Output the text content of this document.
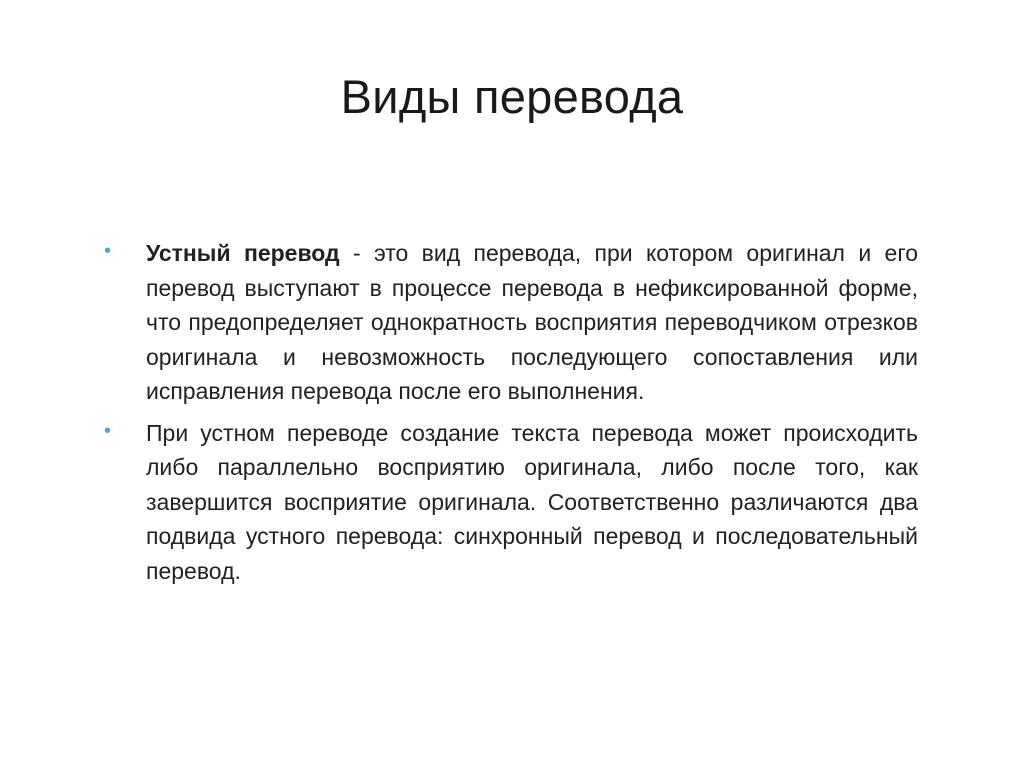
Виды перевода
• Устный перевод - это вид перевода, при котором оригинал и его перевод выступают в процессе перевода в нефиксированной форме, что предопределяет однократность восприятия переводчиком отрезков оригинала и невозможность последующего сопоставления или исправления перевода после его выполнения.
• При устном переводе создание текста перевода может происходить либо параллельно восприятию оригинала, либо после того, как завершится восприятие оригинала. Соответственно различаются два подвида устного перевода: синхронный перевод и последовательный перевод.
